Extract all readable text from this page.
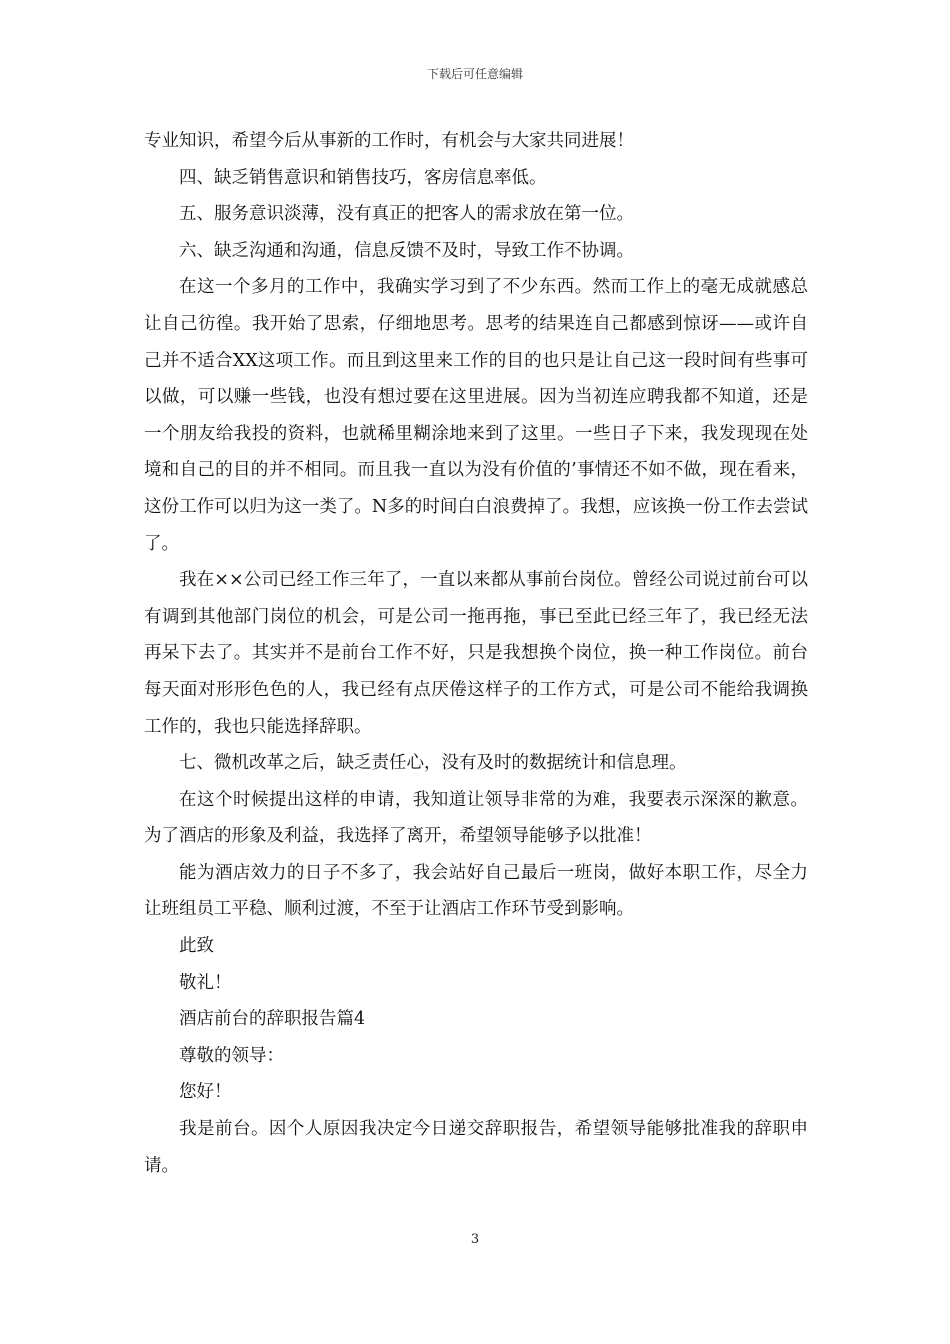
下载后可任意编辑

专业知识，希望今后从事新的工作时，有机会与大家共同进展！

四、缺乏销售意识和销售技巧，客房信息率低。

五、服务意识淡薄，没有真正的把客人的需求放在第一位。

六、缺乏沟通和沟通，信息反馈不及时，导致工作不协调。

在这一个多月的工作中，我确实学习到了不少东西。然而工作上的毫无成就感总让自己彷徨。我开始了思索，仔细地思考。思考的结果连自己都感到惊讶——或许自己并不适合XX这项工作。而且到这里来工作的目的也只是让自己这一段时间有些事可以做，可以赚一些钱，也没有想过要在这里进展。因为当初连应聘我都不知道，还是一个朋友给我投的资料，也就稀里糊涂地来到了这里。一些日子下来，我发现现在处境和自己的目的并不相同。而且我一直以为没有价值的’事情还不如不做，现在看来，这份工作可以归为这一类了。N多的时间白白浪费掉了。我想，应该换一份工作去尝试了。

我在××公司已经工作三年了，一直以来都从事前台岗位。曾经公司说过前台可以有调到其他部门岗位的机会，可是公司一拖再拖，事已至此已经三年了，我已经无法再呆下去了。其实并不是前台工作不好，只是我想换个岗位，换一种工作岗位。前台每天面对形形色色的人，我已经有点厌倦这样子的工作方式，可是公司不能给我调换工作的，我也只能选择辞职。

七、微机改革之后，缺乏责任心，没有及时的数据统计和信息理。

在这个时候提出这样的申请，我知道让领导非常的为难，我要表示深深的歉意。为了酒店的形象及利益，我选择了离开，希望领导能够予以批准！

能为酒店效力的日子不多了，我会站好自己最后一班岗，做好本职工作，尽全力让班组员工平稳、顺利过渡，不至于让酒店工作环节受到影响。

此致

敬礼！

酒店前台的辞职报告篇4

尊敬的领导：

您好！

我是前台。因个人原因我决定今日递交辞职报告，希望领导能够批准我的辞职申请。

3
